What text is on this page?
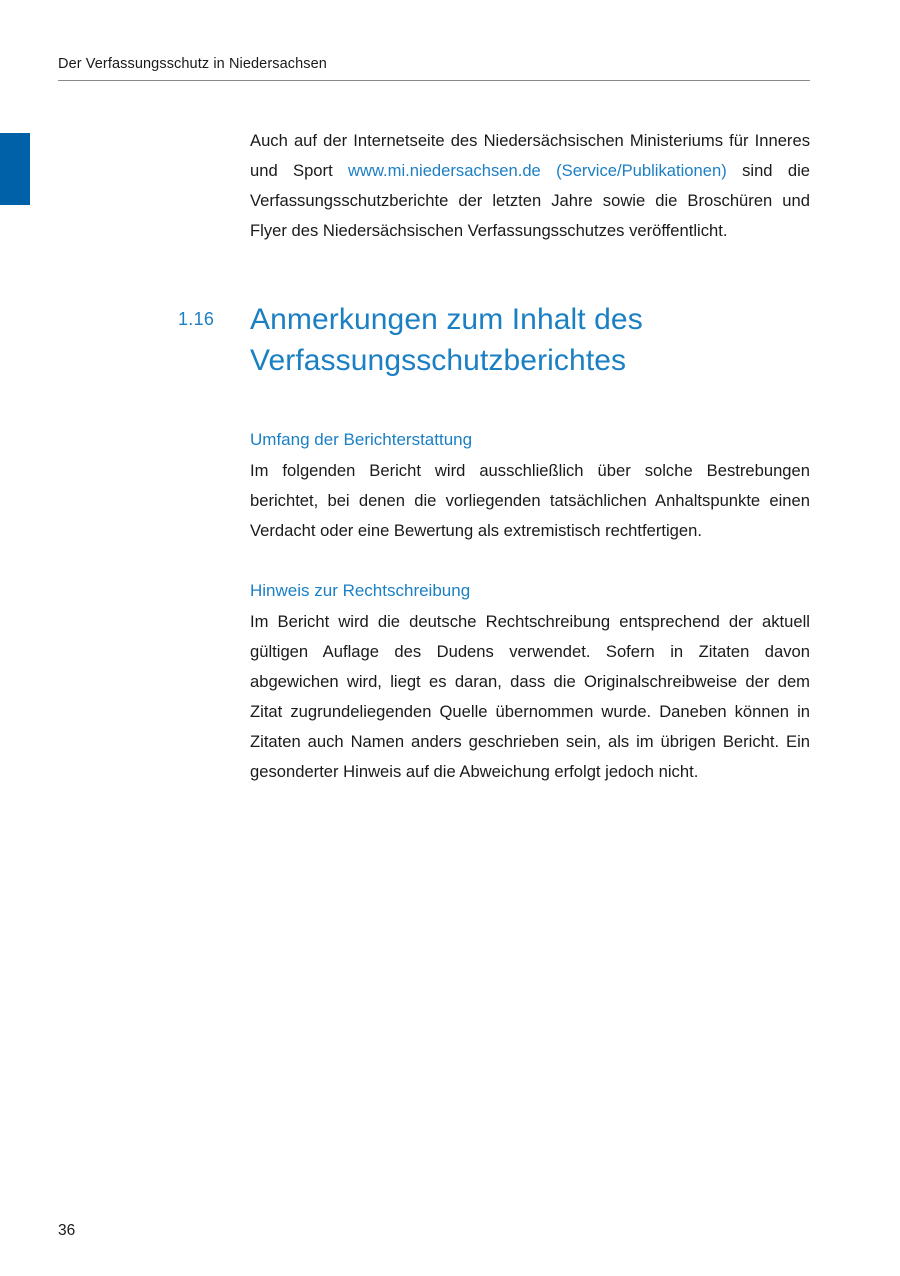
Der Verfassungsschutz in Niedersachsen

Auch auf der Internetseite des Niedersächsischen Ministeriums für Inneres und Sport www.mi.niedersachsen.de (Service/Publikationen) sind die Verfassungsschutzberichte der letzten Jahre sowie die Broschüren und Flyer des Niedersächsischen Verfassungsschutzes veröffentlicht.

1.16	Anmerkungen zum Inhalt des Verfassungsschutzberichtes
Umfang der Berichterstattung

Im folgenden Bericht wird ausschließlich über solche Bestrebungen berichtet, bei denen die vorliegenden tatsächlichen Anhaltspunkte einen Verdacht oder eine Bewertung als extremistisch rechtfertigen.

Hinweis zur Rechtschreibung

Im Bericht wird die deutsche Rechtschreibung entsprechend der aktuell gültigen Auflage des Dudens verwendet. Sofern in Zitaten davon abgewichen wird, liegt es daran, dass die Originalschreibweise der dem Zitat zugrundeliegenden Quelle übernommen wurde. Daneben können in Zitaten auch Namen anders geschrieben sein, als im übrigen Bericht. Ein gesonderter Hinweis auf die Abweichung erfolgt jedoch nicht.

36
